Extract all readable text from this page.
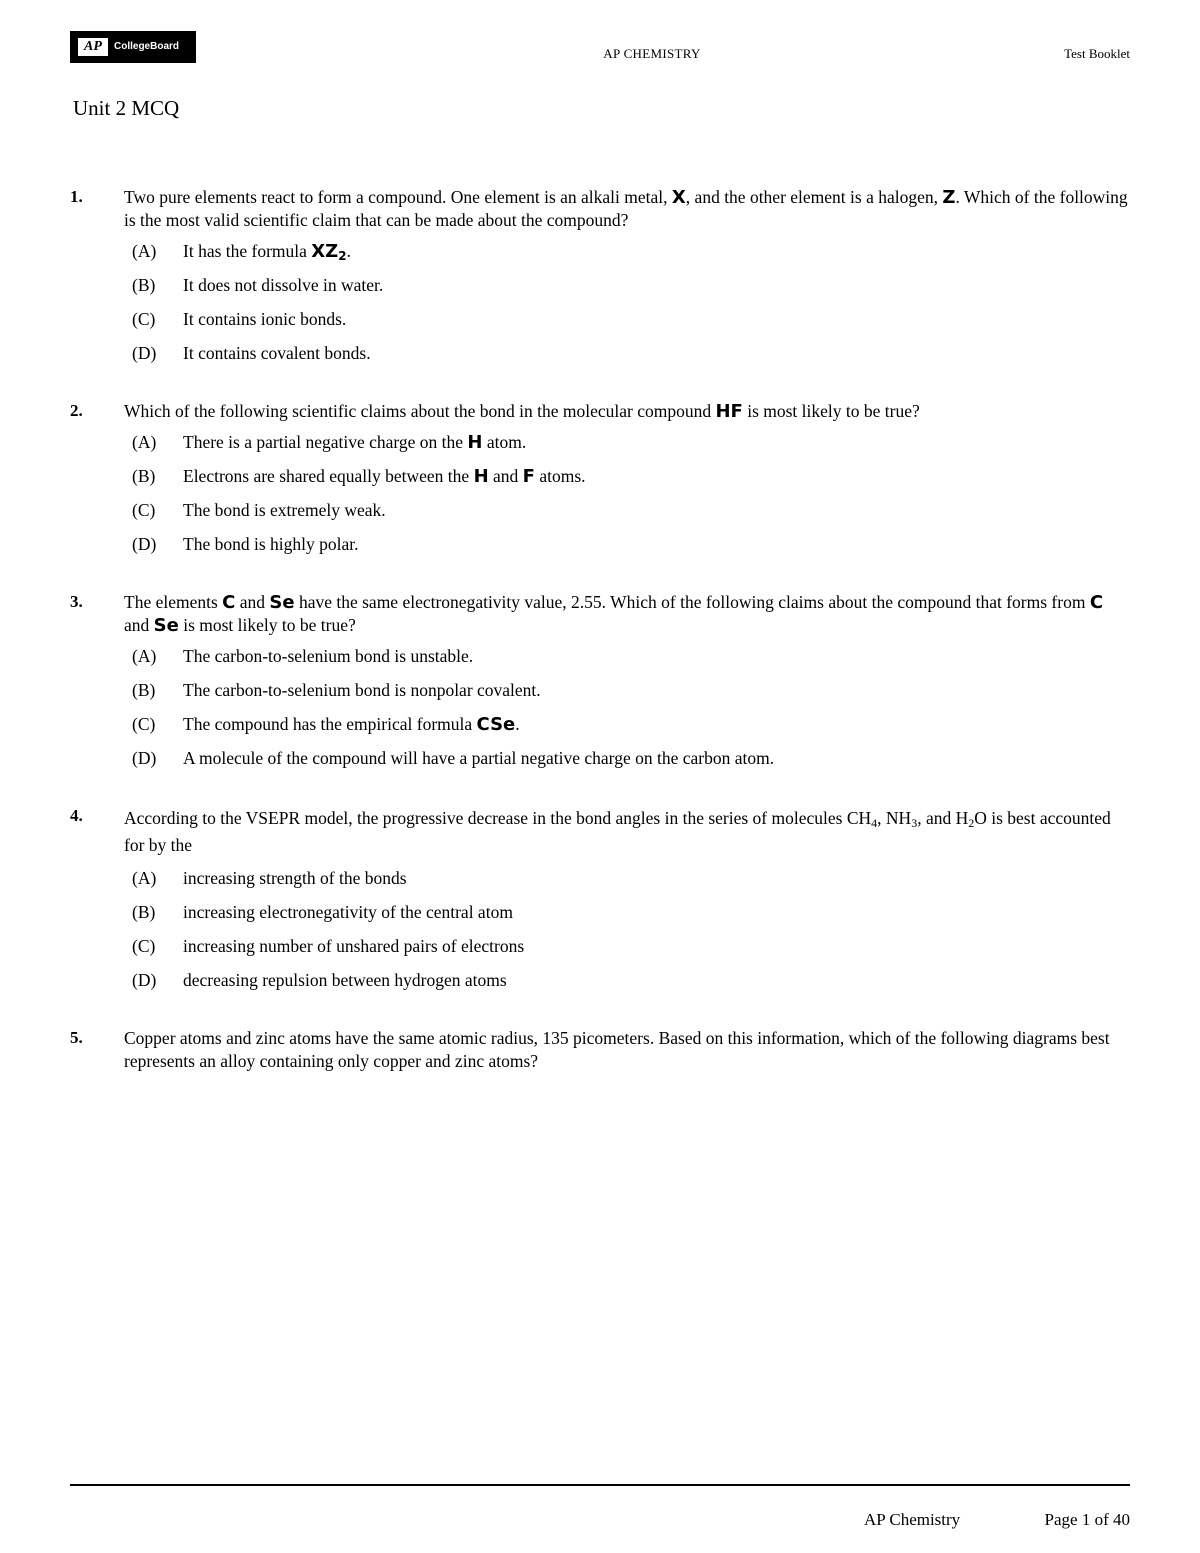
AP	CollegeBoard	AP CHEMISTRY	Test Booklet
Unit 2 MCQ
1. Two pure elements react to form a compound. One element is an alkali metal, X, and the other element is a halogen, Z. Which of the following is the most valid scientific claim that can be made about the compound?
(A)	It has the formula XZ2.
(B)	It does not dissolve in water.
(C)	It contains ionic bonds.
(D)	It contains covalent bonds.
2. Which of the following scientific claims about the bond in the molecular compound HF is most likely to be true?
(A)	There is a partial negative charge on the H atom.
(B)	Electrons are shared equally between the H and F atoms.
(C)	The bond is extremely weak.
(D)	The bond is highly polar.
3. The elements C and Se have the same electronegativity value, 2.55. Which of the following claims about the compound that forms from C and Se is most likely to be true?
(A)	The carbon-to-selenium bond is unstable.
(B)	The carbon-to-selenium bond is nonpolar covalent.
(C)	The compound has the empirical formula CSe.
(D)	A molecule of the compound will have a partial negative charge on the carbon atom.
4. According to the VSEPR model, the progressive decrease in the bond angles in the series of molecules $CH_4$, $NH_3$, and $H_2O$ is best accounted for by the
(A)	increasing strength of the bonds
(B)	increasing electronegativity of the central atom
(C)	increasing number of unshared pairs of electrons
(D)	decreasing repulsion between hydrogen atoms
5. Copper atoms and zinc atoms have the same atomic radius, 135 picometers. Based on this information, which of the following diagrams best represents an alloy containing only copper and zinc atoms?
AP Chemistry	Page 1 of 40
